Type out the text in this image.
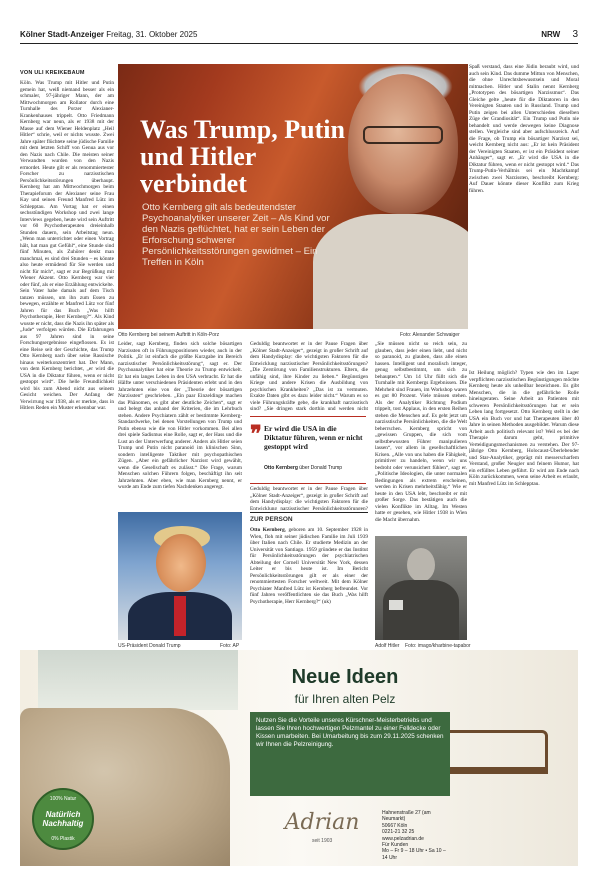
Kölner Stadt-Anzeiger Freitag, 31. Oktober 2025	NRW 3
VON ULI KREIKEBAUM

Köln. Was Trump mit Hitler und Putin gemein hat, weiß niemand besser als ein schmaler, 97-jähriger Mann, der am Mittwochmorgen am Rollator durch eine Turnhalle des Porzer Alexianer-Krankenhauses trippelt. Otto Friedmann Kernberg war neun, als er 1938 mit der Masse auf dem Wiener Heldenplatz „Heil Hitler“ schrie, weil er nichts wusste. Zwei Jahre später flüchtete seine jüdische Familie mit dem letzten Schiff von Genua aus vor den Nazis nach Chile. Die meisten seiner Verwandten wurden von den Nazis ermordet. Heute gilt er als renommiertester Forscher zu narzisstischen Persönlichkeitsstörungen überhaupt. Kernberg hat am Mittwochmorgen beim Therapieforum der Alexianer seine Frau Kay und seinen Freund Manfred Lütz im Schlepptau. Am Vortag hat er einen sechsstündigen Workshop und zwei lange Interviews gegeben, heute wird sein Auftritt vor 60 Psychotherapeuten dreieinhalb Stunden dauern, sein Arbeitstag neun. „Wenn man unterrichtet oder einen Vortrag hält, hat man gut Gefühl“, eine Stunde sind fünf Minuten, als Zuhörer denkt man manchmal, es sind drei Stunden – es könnte also heute ermüdend für Sie werden und nicht für mich“, sagt er zur Begrüßung mit Wiener Akzent. Otto Kernberg war vier oder fünf, als er eine Erzählung entwickelte. Sein Vater habe damals auf dem Tisch tanzen müssen, um ihn zum Essen zu bewegen, erzählte er Manfred Lütz vor fünf Jahren für das Buch „Was hilft Psychotherapie, Herr Kernberg?“. Als Kind wusste er nicht, dass die Nazis ihn später als „Jude“ verfolgen würden. Die Erfahrungen aus 97 Jahren sind in seine Forschungsergebnisse eingeflossen. Es ist eine Reise seit der Geschichte, das Trump Otto Kernberg nach über seine Rassische hinaus weiterkonzentriert hat. Der Mann, von dem Kernberg berichtet, „er wird die USA in die Diktatur führen, wenn er nicht gestoppt wird“. Die helle Freundlichkeit wird bis zum Abend nicht aus seinem Gesicht weichen. Der Anfang der Verwirrung war 1938, als er merkte, dass in Hitlers Reden ein Muster erkennbar war.

Was Trump, Putin und Hitler verbindet
Otto Kernberg gilt als bedeutendster Psychoanalytiker unserer Zeit – Als Kind vor den Nazis geflüchtet, hat er sein Leben der Erforschung schwerer Persönlichkeitsstörungen gewidmet – Ein Treffen in Köln
Otto Kernberg bei seinem Auftritt in Köln-Porz	Foto: Alexander Schwaiger

Leider, sagt Kernberg, finden sich solche bösartigen Narzissten oft in Führungspositionen wieder, auch in der Politik. „Er ist einfach die größte Kurzgabe im Bereich narzisstischer Persönlichkeitsstörung“, sagt er. Der Psychoanalytiker hat eine Theorie zu Trump entwickelt. Er hat ein langes Leben in den USA verbracht. Er hat die Hälfte unter verschiedenen Präsidenten erlebt und in den Jahrzehnten eine von der „Theorie der bösartigen Narzissten“ geschrieben. „Ein paar Einzeldinge machen das Phänomen, es gibt aber deutliche Zeichen“, sagt er und belegt das anhand der Kriterien, die im Lehrbuch stehen. Andere Psychiatern zählt er bestimmte Kernberg-Standardwerke, bei denen Vorstellungen von Trump und Putin ebenso wie die von Hitler vorkommen. Bei allen drei spiele Sadismus eine Rolle, sagt er, der Hass und die Lust an der Unterwerfung anderer. Anders als Hitler seien Trump und Putin nicht paranoid im klinischen Sinn, sondern intelligente Taktiker mit psychopathischen Zügen. „Aber ein gefährlicher Narzisst wird gewählt, wenn die Gesellschaft es zulässt.“ Die Frage, warum Menschen solchen Führern folgen, beschäftigt ihn seit Jahrzehnten. Aber eben, wie man Kernberg nennt, er wurde am Ende zum tiefen Nachdenken angeregt.

Geduldig beantwortet er in der Pause Fragen über „Kölner Stadt-Anzeiger“, gezeigt in großer Schrift auf dem Handydisplay: die wichtigsten Faktoren für die Entwicklung narzisstischer Persönlichkeitsstörungen? „Die Zerstörung von Familienstrukturen. Eltern, die unfähig sind, ihre Kinder zu lieben.“ Begünstigen Kriege und andere Krisen die Ausbildung von psychischen Krankheiten? „Das ist zu vermuten. Exakte Daten gibt es dazu leider nicht.“ Warum es so viele Führungskräfte gebe, die krankhaft narzisstisch sind? „Sie dringen stark dorthin und werden nicht

❞ Er wird die USA in die Diktatur führen, wenn er nicht gestoppt wird
Otto Kernberg über Donald Trump

Geduldig beantwortet er in der Pause Fragen über „Kölner Stadt-Anzeiger“, gezeigt in großer Schrift auf dem Handydisplay: die wichtigsten Faktoren für die Entwicklung narzisstischer Persönlichkeitsstörungen?

„Sie müssen nicht so reich sein, zu glauben, dass jeder einen liebt, und nicht so paranoid, zu glauben, dass alle einen hassen. Intelligent und moralisch integer, genug selbstbestimmt, um sich zu behaupten.“ Um 14 Uhr füllt sich die Turnhalle mit Kernbergs Ergebnissen. Die Mehrheit sind Frauen, im Workshop waren es gut 80 Prozent. Viele müssen stehen. Als der Analytiker Richtung Podium trippelt, tost Applaus, in den ersten Reihen stehen die Menschen auf. Es geht jetzt um narzisstische Persönlichkeiten, die die Welt beherrschen. Kernberg spricht von „gewissen Gruppen, die sich vom selbstbewussten Führer manipulieren lassen“, vor allem in gesellschaftlichen Krisen. „Alle von uns haben die Fähigkeit, primitiver zu handeln, wenn wir uns bedroht oder verunsichert fühlen“, sagt er. „Politische Ideologien, die unter normalen Bedingungen als extrem erscheinen, werden in Krisen mehrheitsfähig.“ Wie er heute in den USA lebt, beschreibt er mit großer Sorge. Das bestätigen auch die vielen Konflikte im Alltag. Im Westen hatte er gesehen, wie Hitler 1938 in Wien die Macht übernahm.

Spaß verstand, dass eine Jüdin beraubt wird, und auch sein Kind. Das dumme Mittun von Menschen, die ohne Unrechtsbewusstsein und Moral mitmachen. Hitler und Stalin nennt Kernberg „Prototypen des bösartigen Narzissmus“. Das Gleiche gelte „heute für die Diktatoren in den Vereinigten Staaten und in Russland. Trump und Putin zeigen bei allen Unterschieden dieselben Züge der Grandiosität“. Ein Trump und Putin nie behandelt und werde deswegen keine Diagnose stellen. Vergleiche sind aber aufschlussreich. Auf die Frage, ob Trump ein bösartiger Narzisst sei, weicht Kernberg nicht aus: „Er ist kein Präsident der Vereinigten Staaten, er ist ein Präsident seiner Anhänger“, sagt er. „Er wird die USA in die Diktatur führen, wenn er nicht gestoppt wird.“ Das Trump-Putin-Verhältnis sei ein Machtkampf zwischen zwei Narzissten, beschreibt Kernberg: Auf Dauer könnte dieser Konflikt zum Krieg führen.

Ist Heilung möglich? Typen wie den im Lager verpflichten narzisstischen Begünstigungen möchte Kernberg heute als unheilbar bezeichnen. Es gibt Menschen, die in die gefährliche Rolle hineingeraten. Seine Arbeit an Patienten mit schweren Persönlichkeitsstörungen hat er sein Leben lang fortgesetzt. Otto Kernberg stellt in der USA ein Buch vor und hat Therapeuten über 40 Jahre in seinen Methoden ausgebildet. Warum diese Arbeit auch politisch relevant ist? Weil es bei der Therapie darum geht, primitive Verteidigungsmechanismen zu verstehen. Der 97-jährige Otto Kernberg, Holocaust-Überlebender und Star-Analytiker, geprägt mit messerscharfem Verstand, großer Neugier und feinem Humor, hat ein erfülltes Leben geführt. Er wird am Ende nach Köln zurückkommen, wenn seine Arbeit es erlaubt, mit Manfred Lütz im Schlepptau.

US-Präsident Donald Trump	Foto: AP
ZUR PERSON
Otto Kernberg, geboren am 10. September 1928 in Wien, floh mit seiner jüdischen Familie im Juli 1939 über Italien nach Chile. Er studierte Medizin an der Universität von Santiago. 1959 gründete er das Institut für Persönlichkeitsstörungen der psychiatrischen Abteilung der Cornell Universität New York, dessen Leiter er bis heute ist. Im Bericht Persönlichkeitsstörungen gilt er als einer der renommiertesten Forscher weltweit. Mit dem Kölner Psychiater Manfred Lütz ist Kernberg befreundet. Vor fünf Jahren veröffentlichten sie das Buch „Was hilft Psychotherapie, Herr Kernberg?“ (uk)
Adolf Hitler Foto: imago/kharbine-tapabor
Neue Ideen
für Ihren alten Pelz
Nutzen Sie die Vorteile unseres Kürschner-Meisterbetriebs und lassen Sie Ihren hochwertigen Pelzmantel zu einer Felldecke oder Kissen umarbeiten. Bei Umarbeitung bis zum 29.11.2025 schenken wir Ihnen die Pelzreinigung.
Adrian
seit 1903
Hahnenstraße 27 (am Neumarkt)
50667 Köln
0221-21 32 25
www.pelzadrian.de
Für Kunden
Mo – Fr 9 – 18 Uhr • Sa 10 – 14 Uhr
100% Natur
Natürlich Nachhaltig
0% Plastik
